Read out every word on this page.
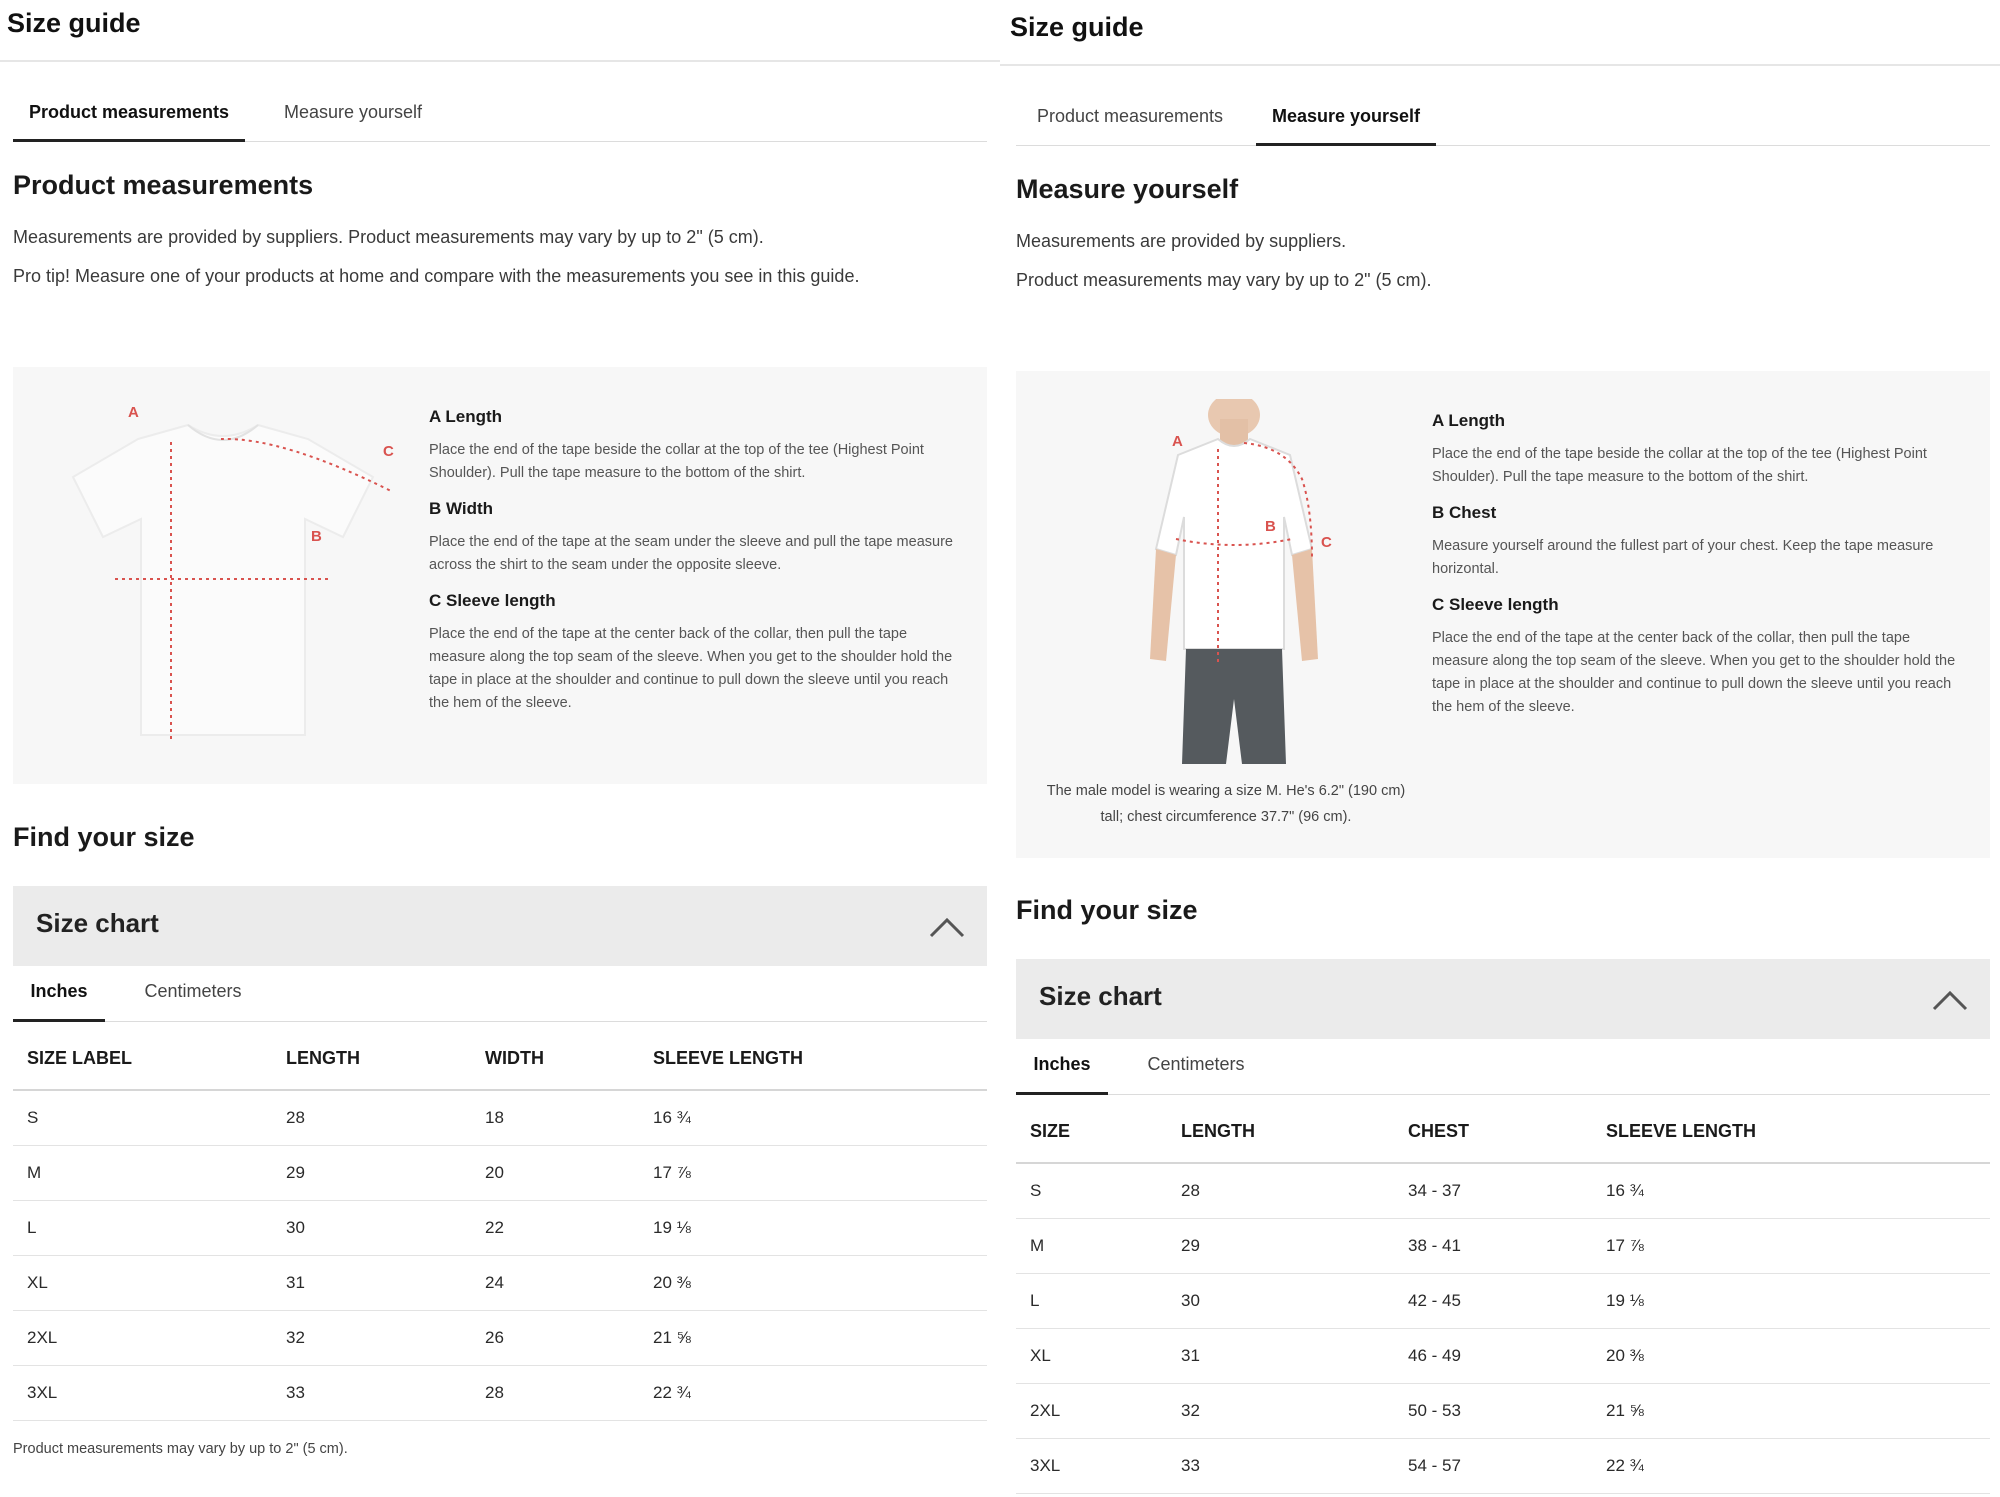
Size guide
Product measurements	Measure yourself
Product measurements
Measurements are provided by suppliers. Product measurements may vary by up to 2" (5 cm).
Pro tip! Measure one of your products at home and compare with the measurements you see in this guide.
A
B
C
A Length
Place the end of the tape beside the collar at the top of the tee (Highest Point Shoulder). Pull the tape measure to the bottom of the shirt.
B Width
Place the end of the tape at the seam under the sleeve and pull the tape measure across the shirt to the seam under the opposite sleeve.
C Sleeve length
Place the end of the tape at the center back of the collar, then pull the tape measure along the top seam of the sleeve. When you get to the shoulder hold the tape in place at the shoulder and continue to pull down the sleeve until you reach the hem of the sleeve.
Find your size
Size chart
Inches	Centimeters
SIZE LABEL	LENGTH	WIDTH	SLEEVE LENGTH
S	28	18	16 ¾
M	29	20	17 ⅞
L	30	22	19 ⅛
XL	31	24	20 ⅜
2XL	32	26	21 ⅝
3XL	33	28	22 ¾
Product measurements may vary by up to 2" (5 cm).
Size guide
Product measurements	Measure yourself
Measure yourself
Measurements are provided by suppliers.
Product measurements may vary by up to 2" (5 cm).
A
B
C
The male model is wearing a size M. He's 6.2" (190 cm) tall; chest circumference 37.7" (96 cm).
A Length
Place the end of the tape beside the collar at the top of the tee (Highest Point Shoulder). Pull the tape measure to the bottom of the shirt.
B Chest
Measure yourself around the fullest part of your chest. Keep the tape measure horizontal.
C Sleeve length
Place the end of the tape at the center back of the collar, then pull the tape measure along the top seam of the sleeve. When you get to the shoulder hold the tape in place at the shoulder and continue to pull down the sleeve until you reach the hem of the sleeve.
Find your size
Size chart
Inches	Centimeters
SIZE	LENGTH	CHEST	SLEEVE LENGTH
S	28	34 - 37	16 ¾
M	29	38 - 41	17 ⅞
L	30	42 - 45	19 ⅛
XL	31	46 - 49	20 ⅜
2XL	32	50 - 53	21 ⅝
3XL	33	54 - 57	22 ¾
